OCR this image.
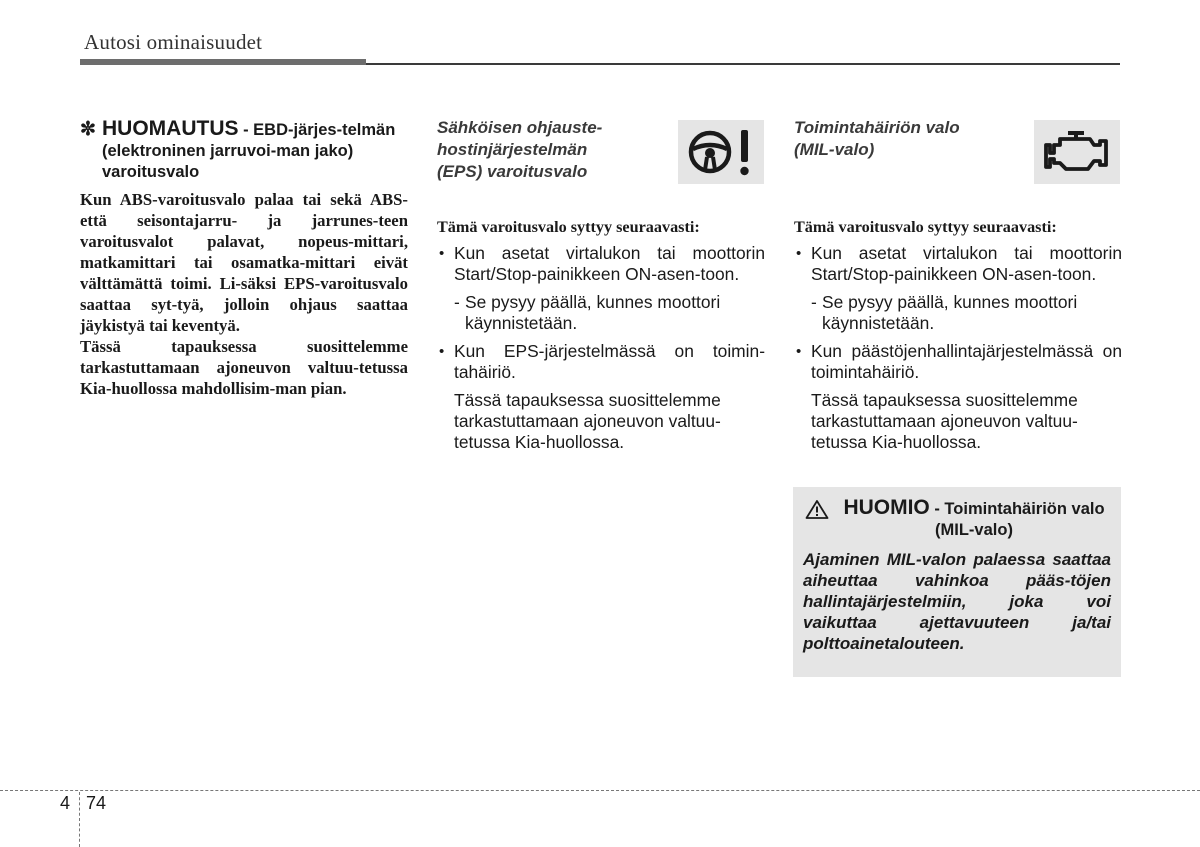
Autosi ominaisuudet
✼ HUOMAUTUS - EBD-järjes-telmän (elektroninen jarruvoi-man jako) varoitusvalo

Kun ABS-varoitusvalo palaa tai sekä ABS- että seisontajarru- ja jarrunes-teen varoitusvalot palavat, nopeus-mittari, matkamittari tai osamatka-mittari eivät välttämättä toimi. Li-säksi EPS-varoitusvalo saattaa syt-tyä, jolloin ohjaus saattaa jäykistyä tai keventyä.

Tässä tapauksessa suosittelemme tarkastuttamaan ajoneuvon valtuu-tetussa Kia-huollossa mahdollisim-man pian.

Sähköisen ohjauste-
hostinjärjestelmän
(EPS) varoitusvalo
Tämä varoitusvalo syttyy seuraavasti:

• Kun asetat virtalukon tai moottorin Start/Stop-painikkeen ON-asen-toon.

- Se pysyy päällä, kunnes moottori käynnistetään.

• Kun EPS-järjestelmässä on toimin-tahäiriö.

Tässä tapauksessa suosittelemme tarkastuttamaan ajoneuvon valtuu-tetussa Kia-huollossa.

Toimintahäiriön valo
(MIL-valo)
Tämä varoitusvalo syttyy seuraavasti:

• Kun asetat virtalukon tai moottorin Start/Stop-painikkeen ON-asen-toon.

- Se pysyy päällä, kunnes moottori käynnistetään.

• Kun päästöjenhallintajärjestelmässä on toimintahäiriö.

Tässä tapauksessa suosittelemme tarkastuttamaan ajoneuvon valtuu-tetussa Kia-huollossa.

HUOMIO - Toimintahäiriön valo (MIL-valo)
Ajaminen MIL-valon palaessa saattaa aiheuttaa vahinkoa pääs-töjen hallintajärjestelmiin, joka voi vaikuttaa ajettavuuteen ja/tai polttoainetalouteen.
4 74
